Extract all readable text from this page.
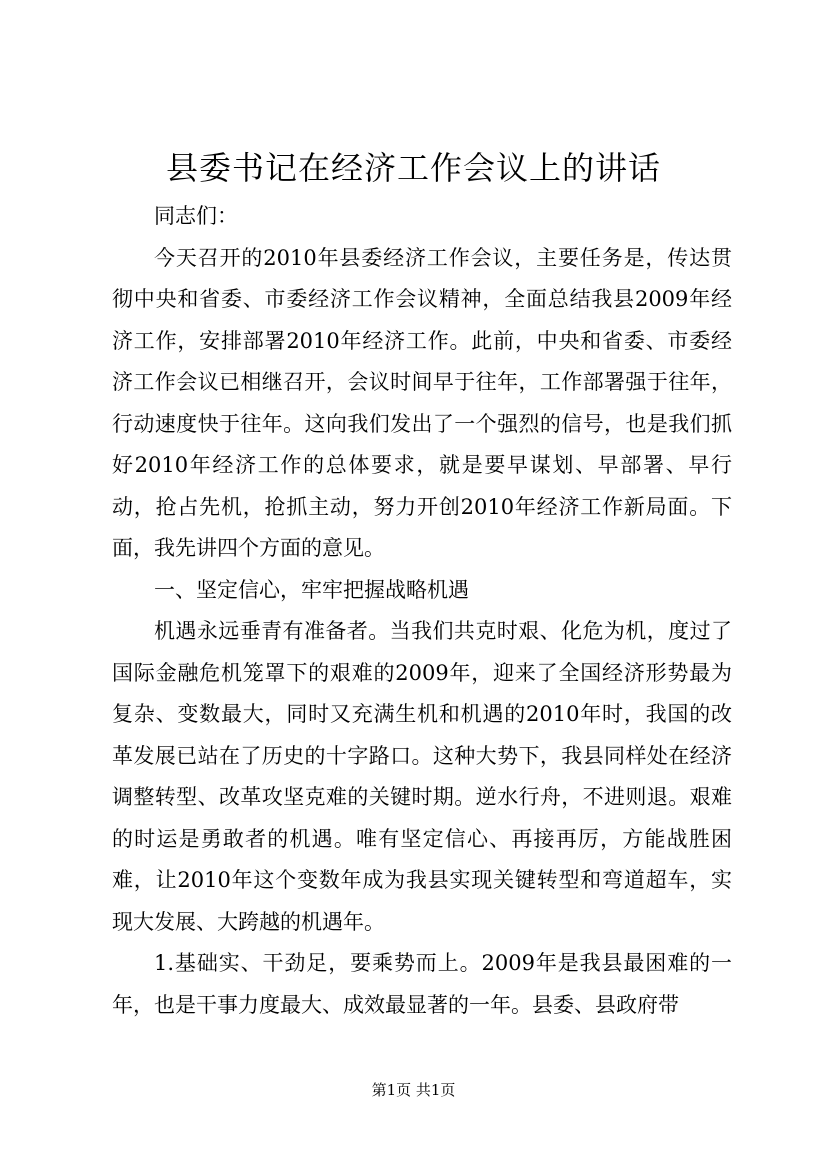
县委书记在经济工作会议上的讲话

同志们：

今天召开的2010年县委经济工作会议，主要任务是，传达贯彻中央和省委、市委经济工作会议精神，全面总结我县2009年经济工作，安排部署2010年经济工作。此前，中央和省委、市委经济工作会议已相继召开，会议时间早于往年，工作部署强于往年，行动速度快于往年。这向我们发出了一个强烈的信号，也是我们抓好2010年经济工作的总体要求，就是要早谋划、早部署、早行动，抢占先机，抢抓主动，努力开创2010年经济工作新局面。下面，我先讲四个方面的意见。

一、坚定信心，牢牢把握战略机遇

机遇永远垂青有准备者。当我们共克时艰、化危为机，度过了国际金融危机笼罩下的艰难的2009年，迎来了全国经济形势最为复杂、变数最大，同时又充满生机和机遇的2010年时，我国的改革发展已站在了历史的十字路口。这种大势下，我县同样处在经济调整转型、改革攻坚克难的关键时期。逆水行舟，不进则退。艰难的时运是勇敢者的机遇。唯有坚定信心、再接再厉，方能战胜困难，让2010年这个变数年成为我县实现关键转型和弯道超车，实现大发展、大跨越的机遇年。

1.基础实、干劲足，要乘势而上。2009年是我县最困难的一年，也是干事力度最大、成效最显著的一年。县委、县政府带

第1页 共1页
